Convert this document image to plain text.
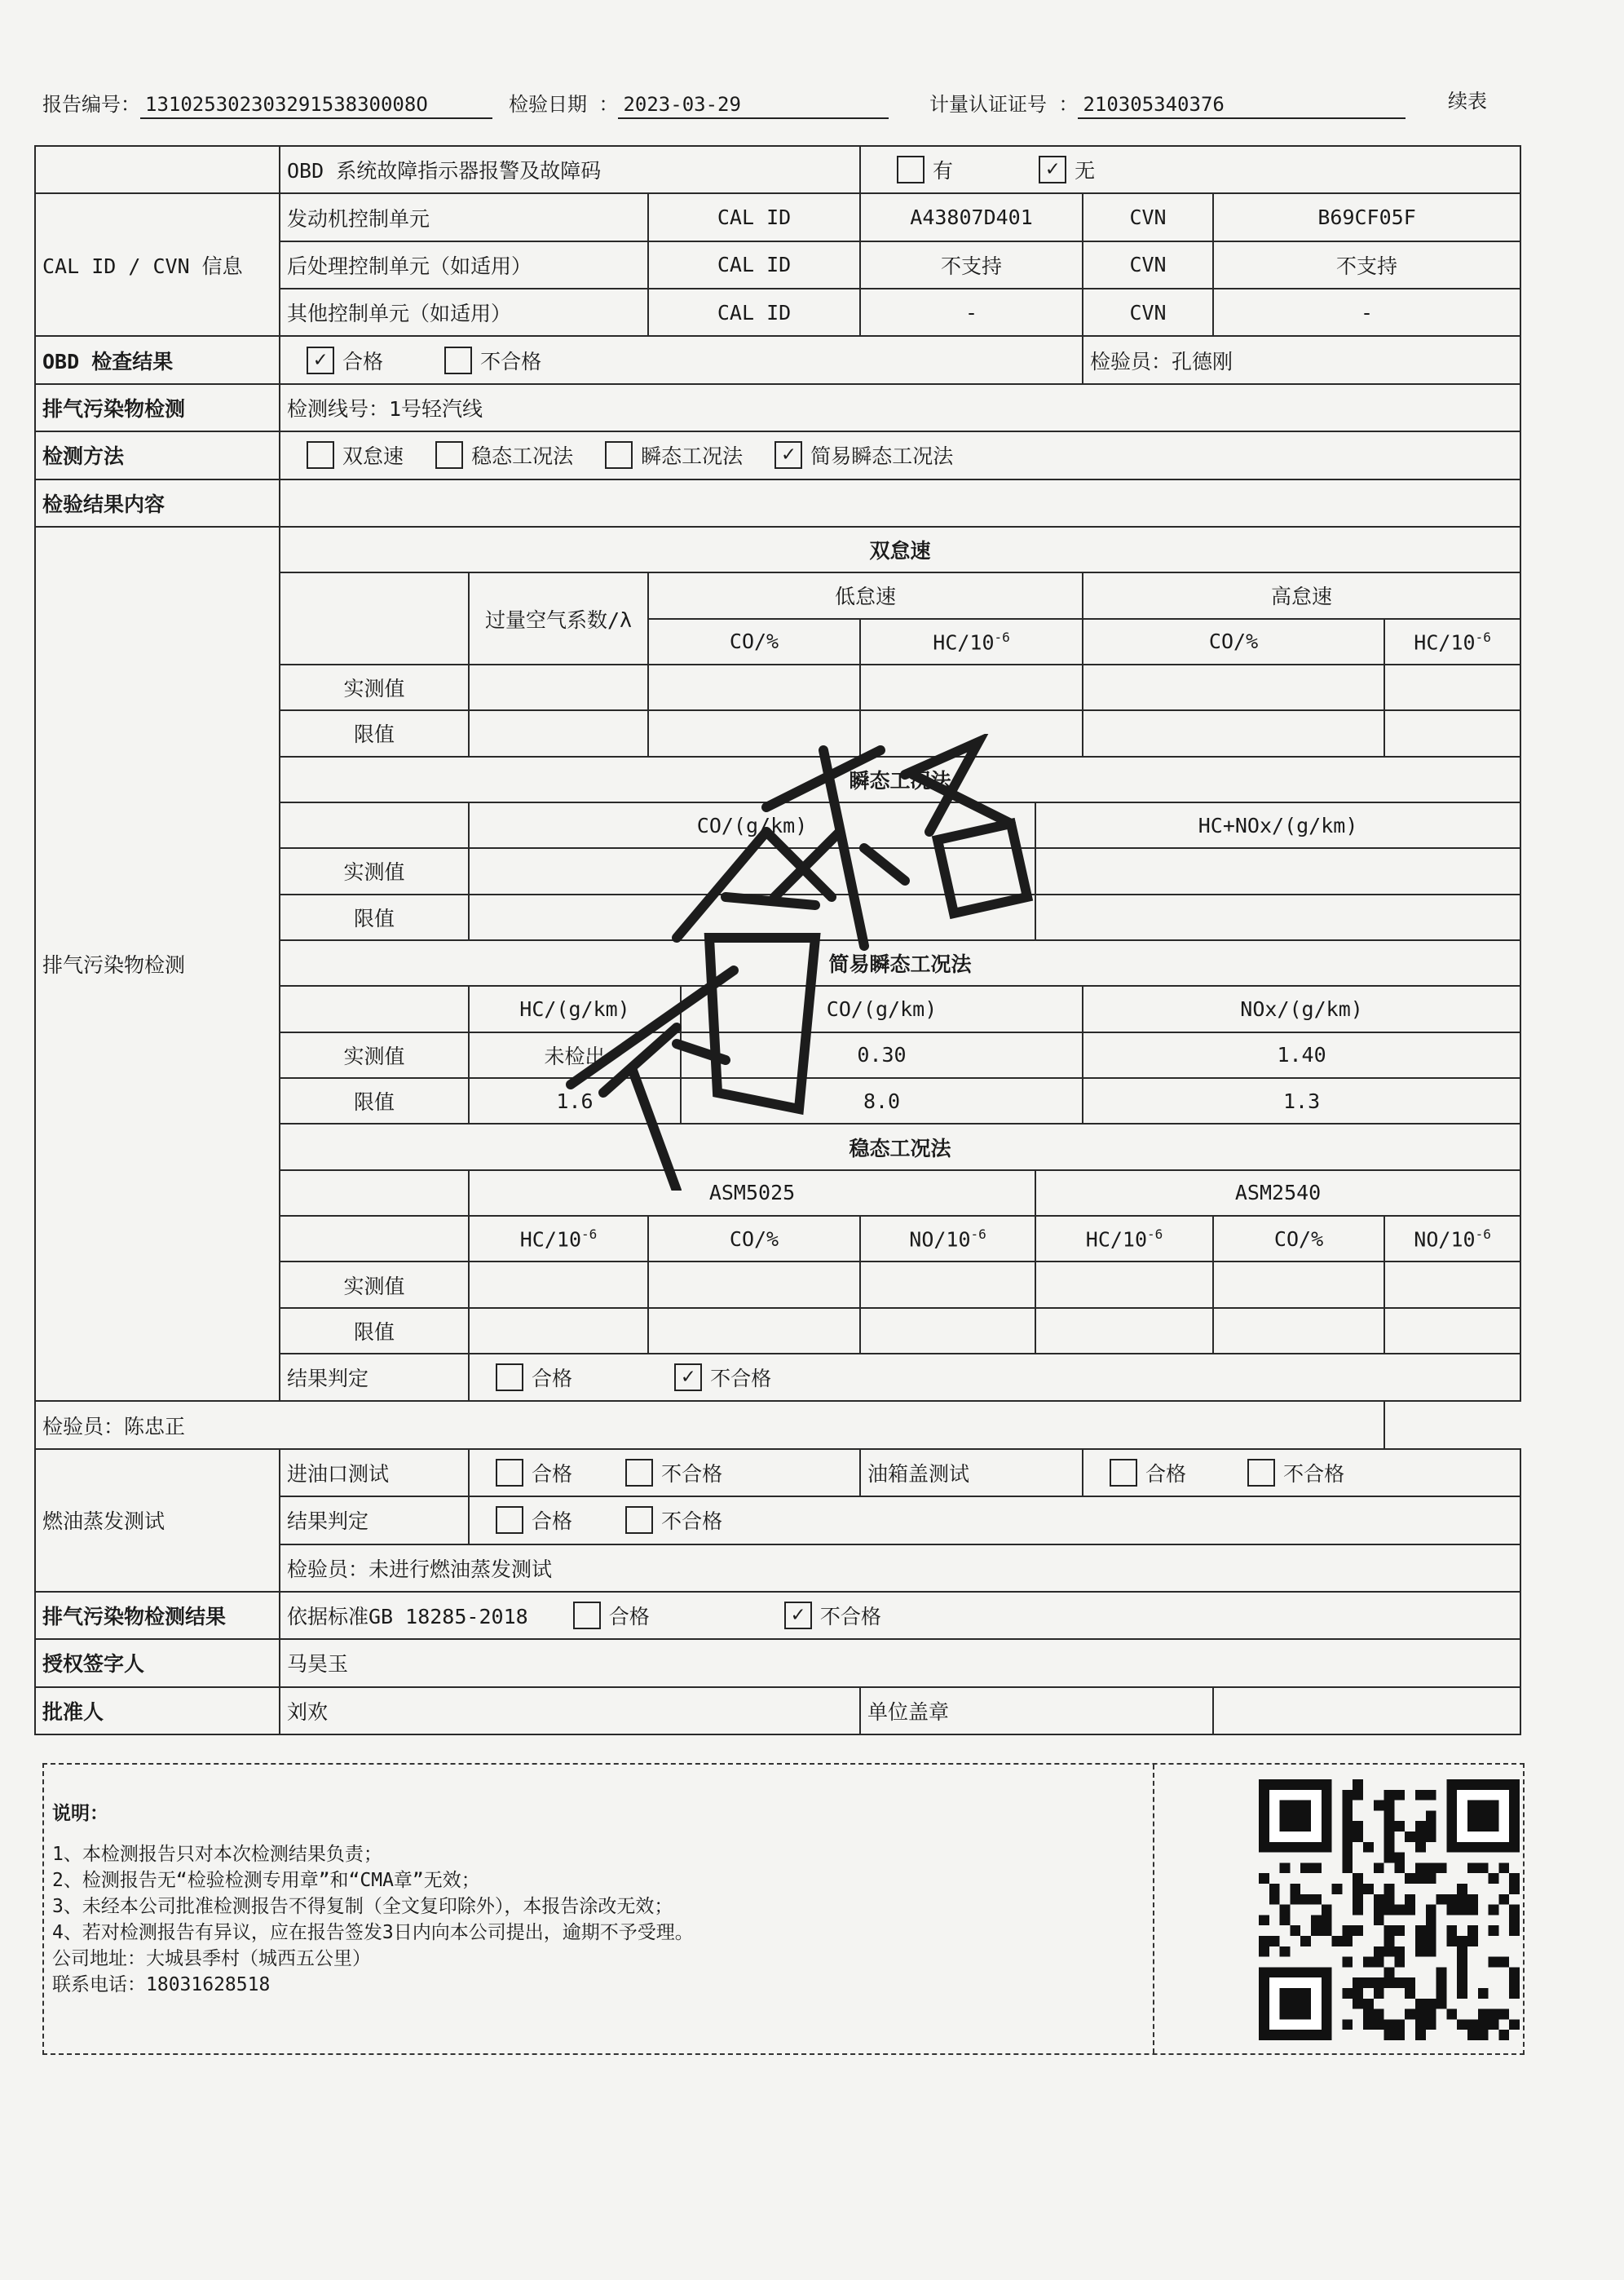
报告编号： 13102530230329153830008O	检验日期 ： 2023-03-29	计量认证证号 ： 210305340376	续表
	OBD 系统故障指示器报警及故障码				有 ✓ 无				
CAL ID / CVN 信息	发动机控制单元		CAL ID		A43807D401		CVN	B69CF05F	
	后处理控制单元（如适用）		CAL ID		不支持		CVN	不支持	
	其他控制单元（如适用）		CAL ID		-		CVN	-	
OBD 检查结果	✓ 合格 不合格						检验员：孔德刚		
排气污染物检测	检测线号：1号轻汽线								
检测方法	双怠速 稳态工况法 瞬态工况法 ✓ 简易瞬态工况法								
检验结果内容									
排气污染物检测	双怠速								
		过量空气系数/λ	低怠速				高怠速		
			CO/%		$HC/10^{-6}$		CO/%		$HC/10^{-6}$
	实测值								
	限值								
	瞬态工况法								
		CO/(g/km)				HC+NOx/(g/km)			
	实测值								
	限值								
	简易瞬态工况法								
		HC/(g/km)		CO/(g/km)			NOx/(g/km)		
	实测值	未检出		0.30			1.40		
	限值	1.6		8.0			1.3		
	稳态工况法								
		ASM5025				ASM2540			
		$HC/10^{-6}$	CO/%		$NO/10^{-6}$	$HC/10^{-6}$		CO/%	$NO/10^{-6}$
	实测值								
	限值								
	结果判定	合格 ✓ 不合格							
检验员：陈忠正									
燃油蒸发测试	进油口测试	合格 不合格			油箱盖测试		合格 不合格		
	结果判定	合格 不合格							
	检验员：未进行燃油蒸发测试								
排气污染物检测结果	依据标准GB 18285-2018 合格 ✓ 不合格								
授权签字人	马昊玉								
批准人	刘欢				单位盖章				
说明：
1、本检测报告只对本次检测结果负责；
2、检测报告无“检验检测专用章”和“CMA章”无效；
3、未经本公司批准检测报告不得复制（全文复印除外），本报告涂改无效；
4、若对检测报告有异议，应在报告签发3日内向本公司提出，逾期不予受理。
公司地址：大城县季村（城西五公里）
联系电话：18031628518
